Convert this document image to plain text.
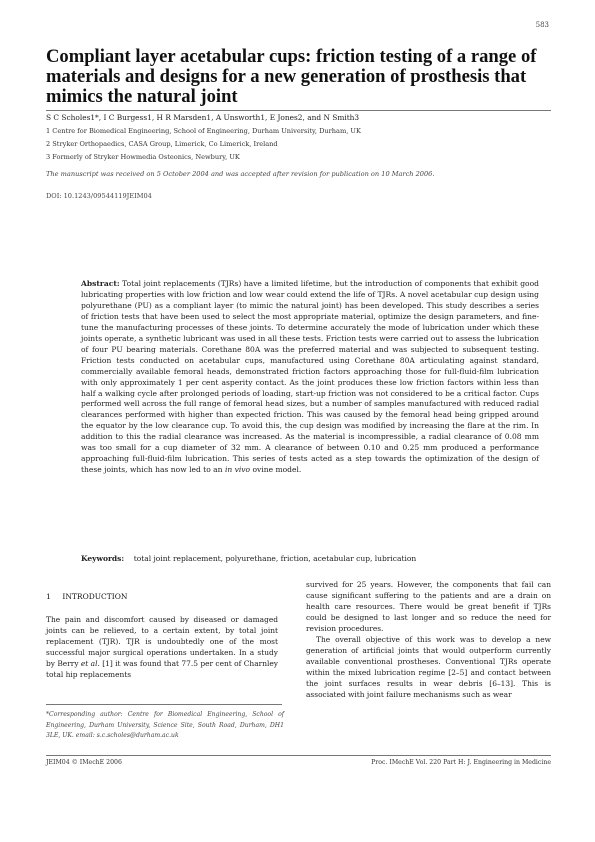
583
Compliant layer acetabular cups: friction testing of a range of materials and designs for a new generation of prosthesis that mimics the natural joint
S C Scholes1*, I C Burgess1, H R Marsden1, A Unsworth1, E Jones2, and N Smith3
1 Centre for Biomedical Engineering, School of Engineering, Durham University, Durham, UK
2 Stryker Orthopaedics, CASA Group, Limerick, Co Limerick, Ireland
3 Formerly of Stryker Howmedia Osteonics, Newbury, UK
The manuscript was received on 5 October 2004 and was accepted after revision for publication on 10 March 2006.
DOI: 10.1243/09544119JEIM04
Abstract: Total joint replacements (TJRs) have a limited lifetime, but the introduction of components that exhibit good lubricating properties with low friction and low wear could extend the life of TJRs. A novel acetabular cup design using polyurethane (PU) as a compliant layer (to mimic the natural joint) has been developed. This study describes a series of friction tests that have been used to select the most appropriate material, optimize the design parameters, and fine-tune the manufacturing processes of these joints. To determine accurately the mode of lubrication under which these joints operate, a synthetic lubricant was used in all these tests. Friction tests were carried out to assess the lubrication of four PU bearing materials. Corethane 80A was the preferred material and was subjected to subsequent testing. Friction tests conducted on acetabular cups, manufactured using Corethane 80A articulating against standard, commercially available femoral heads, demonstrated friction factors approaching those for full-fluid-film lubrication with only approximately 1 per cent asperity contact. As the joint produces these low friction factors within less than half a walking cycle after prolonged periods of loading, start-up friction was not considered to be a critical factor. Cups performed well across the full range of femoral head sizes, but a number of samples manufactured with reduced radial clearances performed with higher than expected friction. This was caused by the femoral head being gripped around the equator by the low clearance cup. To avoid this, the cup design was modified by increasing the flare at the rim. In addition to this the radial clearance was increased. As the material is incompressible, a radial clearance of 0.08 mm was too small for a cup diameter of 32 mm. A clearance of between 0.10 and 0.25 mm produced a performance approaching full-fluid-film lubrication. This series of tests acted as a step towards the optimization of the design of these joints, which has now led to an in vivo ovine model.
Keywords: total joint replacement, polyurethane, friction, acetabular cup, lubrication
1 INTRODUCTION
The pain and discomfort caused by diseased or damaged joints can be relieved, to a certain extent, by total joint replacement (TJR). TJR is undoubtedly one of the most successful major surgical operations undertaken. In a study by Berry et al. [1] it was found that 77.5 per cent of Charnley total hip replacements
*Corresponding author: Centre for Biomedical Engineering, School of Engineering, Durham University, Science Site, South Road, Durham, DH1 3LE, UK. email: s.c.scholes@durham.ac.uk

survived for 25 years. However, the components that fail can cause significant suffering to the patients and are a drain on health care resources. There would be great benefit if TJRs could be designed to last longer and so reduce the need for revision procedures.

The overall objective of this work was to develop a new generation of artificial joints that would outperform currently available conventional prostheses. Conventional TJRs operate within the mixed lubrication regime [2–5] and contact between the joint surfaces results in wear debris [6–13]. This is associated with joint failure mechanisms such as wear

JEIM04 © IMechE 2006	Proc. IMechE Vol. 220 Part H: J. Engineering in Medicine
